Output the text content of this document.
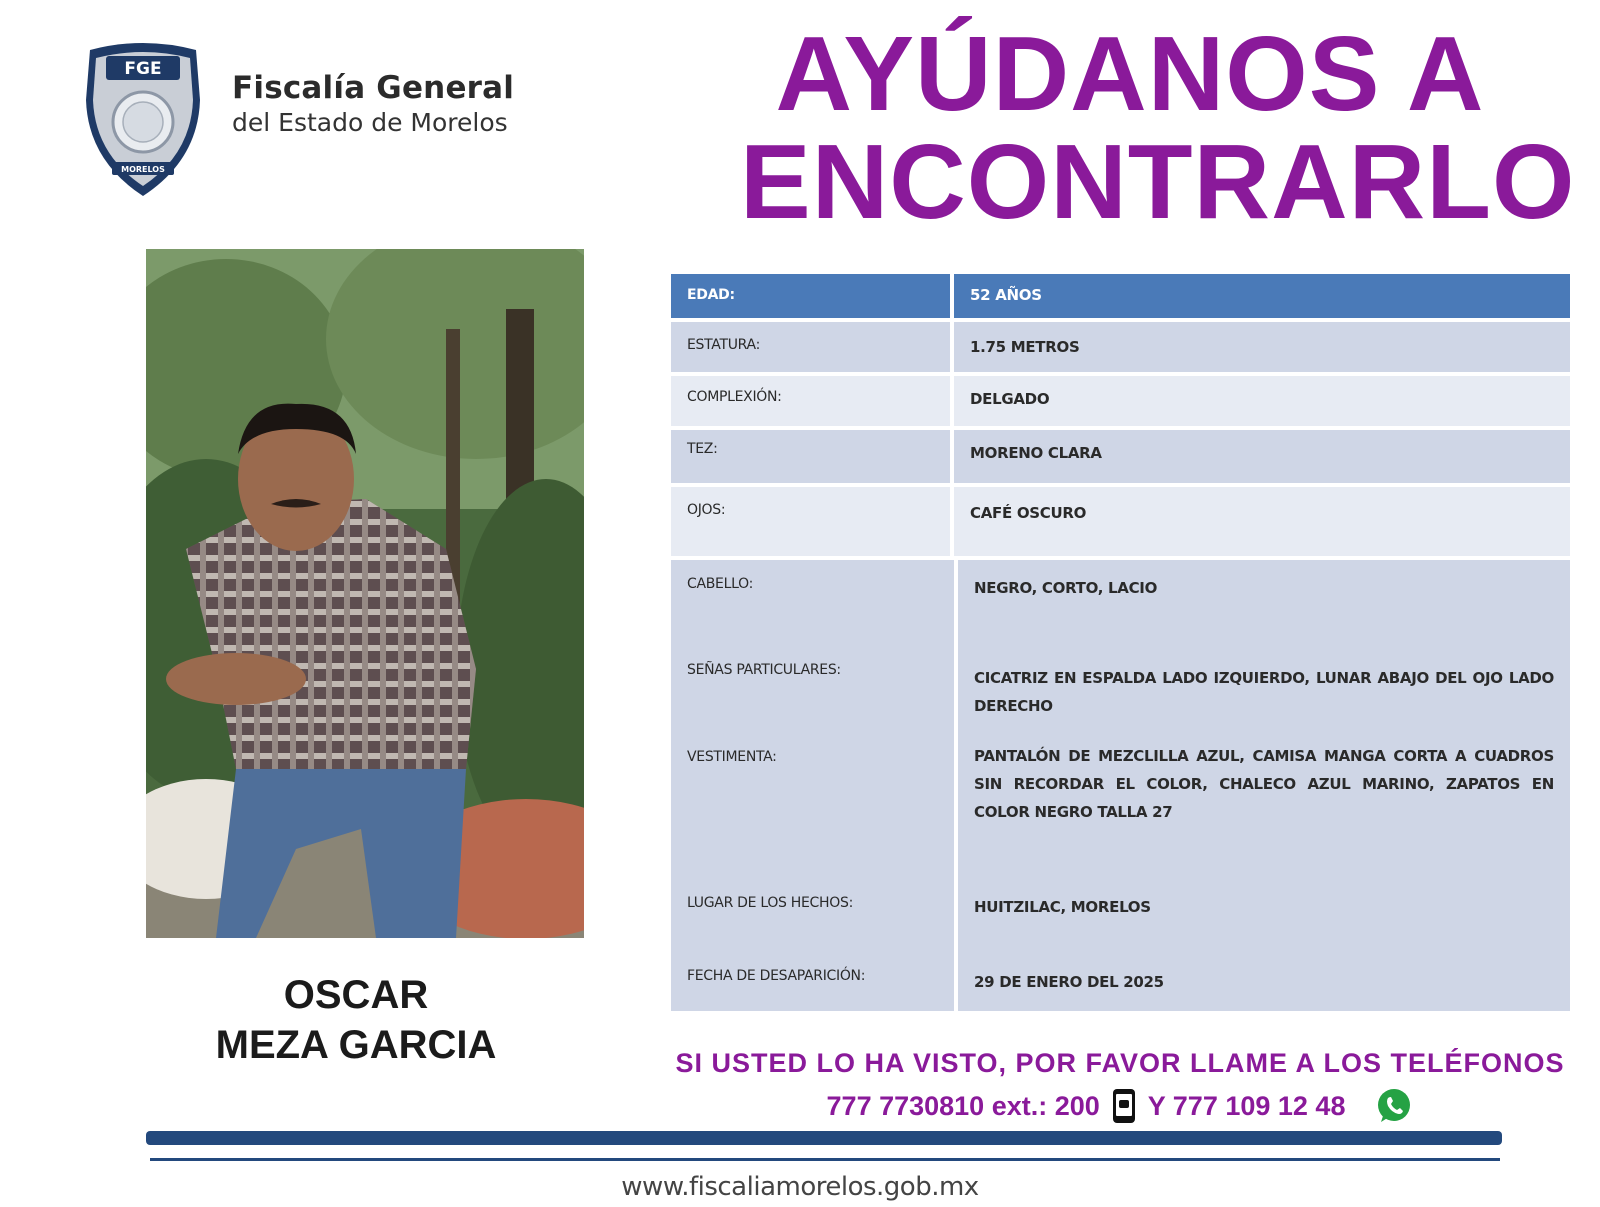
FGE
MORELOS
Fiscalía General
del Estado de Morelos	AYÚDANOS A
ENCONTRARLO
OSCAR
MEZA GARCIA
EDAD:	52 AÑOS
ESTATURA:	1.75 METROS
COMPLEXIÓN:	DELGADO
TEZ:	MORENO CLARA
OJOS:	CAFÉ OSCURO
CABELLO:	NEGRO, CORTO, LACIO
SEÑAS PARTICULARES:	CICATRIZ EN ESPALDA LADO IZQUIERDO, LUNAR ABAJO DEL OJO LADO DERECHO
VESTIMENTA:	PANTALÓN DE MEZCLILLA AZUL, CAMISA MANGA CORTA A CUADROS SIN RECORDAR EL COLOR, CHALECO AZUL MARINO, ZAPATOS EN COLOR NEGRO TALLA 27
LUGAR DE LOS HECHOS:	HUITZILAC, MORELOS
FECHA DE DESAPARICIÓN:	29 DE ENERO DEL 2025
SI USTED LO HA VISTO, POR FAVOR LLAME A LOS TELÉFONOS
777 7730810 ext.: 200 Y 777 109 12 48
www.fiscaliamorelos.gob.mx
